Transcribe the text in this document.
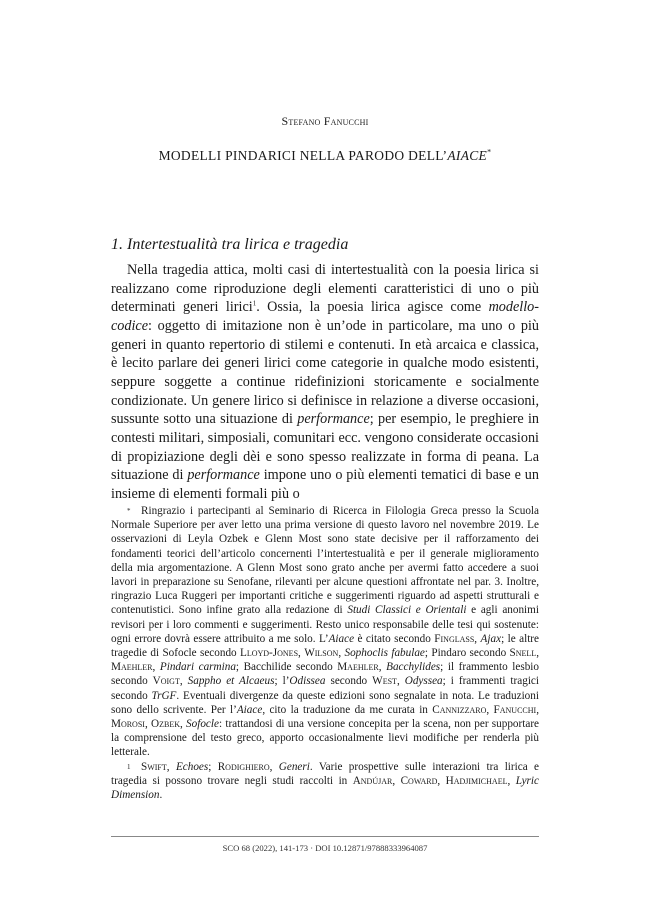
Stefano Fanucchi
MODELLI PINDARICI NELLA PARODO DELL’AIACE*
1. Intertestualità tra lirica e tragedia

Nella tragedia attica, molti casi di intertestualità con la poesia lirica si realizzano come riproduzione degli elementi caratteristici di uno o più determinati generi lirici$^1$. Ossia, la poesia lirica agisce come modello-codice: oggetto di imitazione non è un’ode in particolare, ma uno o più generi in quanto repertorio di stilemi e contenuti. In età arcaica e classica, è lecito parlare dei generi lirici come categorie in qualche modo esistenti, seppure soggette a continue ridefinizioni storicamente e socialmente condizionate. Un genere lirico si definisce in relazione a diverse occasioni, sussunte sotto una situazione di performance; per esempio, le preghiere in contesti militari, simposiali, comunitari ecc. vengono considerate occasioni di propiziazione degli dèi e sono spesso realizzate in forma di peana. La situazione di performance impone uno o più elementi tematici di base e un insieme di elementi formali più o

* Ringrazio i partecipanti al Seminario di Ricerca in Filologia Greca presso la Scuola Normale Superiore per aver letto una prima versione di questo lavoro nel novembre 2019. Le osservazioni di Leyla Ozbek e Glenn Most sono state decisive per il rafforzamento dei fondamenti teorici dell’articolo concernenti l’intertestualità e per il generale miglioramento della mia argomentazione. A Glenn Most sono grato anche per avermi fatto accedere a suoi lavori in preparazione su Senofane, rilevanti per alcune questioni affrontate nel par. 3. Inoltre, ringrazio Luca Ruggeri per importanti critiche e suggerimenti riguardo ad aspetti strutturali e contenutistici. Sono infine grato alla redazione di Studi Classici e Orientali e agli anonimi revisori per i loro commenti e suggerimenti. Resto unico responsabile delle tesi qui sostenute: ogni errore dovrà essere attribuito a me solo. L’Aiace è citato secondo Finglass, Ajax; le altre tragedie di Sofocle secondo Lloyd-Jones, Wilson, Sophoclis fabulae; Pindaro secondo Snell, Maehler, Pindari carmina; Bacchilide secondo Maehler, Bacchylides; il frammento lesbio secondo Voigt, Sappho et Alcaeus; l’Odissea secondo West, Odyssea; i frammenti tragici secondo TrGF. Eventuali divergenze da queste edizioni sono segnalate in nota. Le traduzioni sono dello scrivente. Per l’Aiace, cito la traduzione da me curata in Cannizzaro, Fanucchi, Morosi, Ozbek, Sofocle: trattandosi di una versione concepita per la scena, non per supportare la comprensione del testo greco, apporto occasionalmente lievi modifiche per renderla più letterale.

1 Swift, Echoes; Rodighiero, Generi. Varie prospettive sulle interazioni tra lirica e tragedia si possono trovare negli studi raccolti in Andújar, Coward, Hadjimichael, Lyric Dimension.

SCO 68 (2022), 141-173 · DOI 10.12871/97888333964087
